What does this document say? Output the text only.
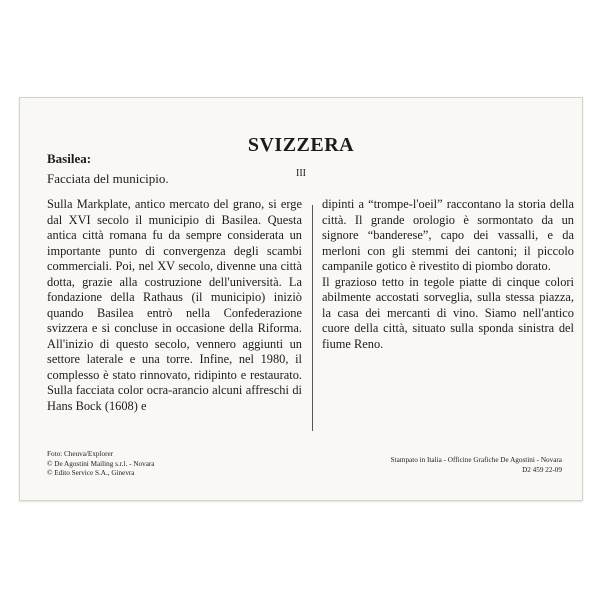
SVIZZERA
Basilea:
Facciata del municipio.	III

Sulla Markplate, antico mercato del grano, si erge dal XVI secolo il municipio di Basilea. Questa antica città romana fu da sempre considerata un importante punto di convergenza degli scambi commerciali. Poi, nel XV secolo, divenne una città dotta, grazie alla costruzione dell'università. La fondazione della Rathaus (il municipio) iniziò quando Basilea entrò nella Confederazione svizzera e si concluse in occasione della Riforma. All'inizio di questo secolo, vennero aggiunti un settore laterale e una torre. Infine, nel 1980, il complesso è stato rinnovato, ridipinto e restaurato. Sulla facciata color ocra-arancio alcuni affreschi di Hans Bock (1608) e

dipinti a “trompe-l'oeil” raccontano la storia della città. Il grande orologio è sormontato da un signore “banderese”, capo dei vassalli, e da merloni con gli stemmi dei cantoni; il piccolo campanile gotico è rivestito di piombo dorato.

Il grazioso tetto in tegole piatte di cinque colori abilmente accostati sorveglia, sulla stessa piazza, la casa dei mercanti di vino. Siamo nell'antico cuore della città, situato sulla sponda sinistra del fiume Reno.

Foto: Cheuva/Explorer
© De Agostini Mailing s.r.l. - Novara
© Edito Service S.A., Ginevra
Stampato in Italia - Officine Grafiche De Agostini - Novara
D2 459 22-09
